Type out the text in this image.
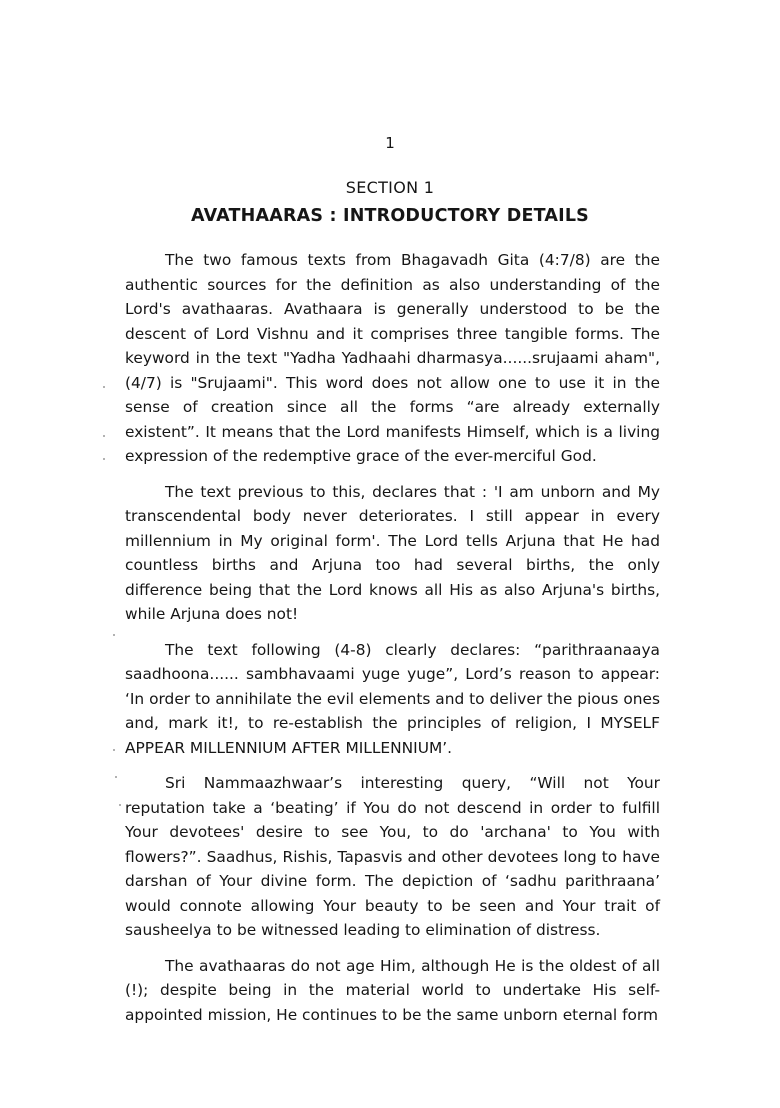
1
SECTION 1
AVATHAARAS : INTRODUCTORY DETAILS

The two famous texts from Bhagavadh Gita (4:7/8) are the authentic sources for the definition as also understanding of the Lord's avathaaras. Avathaara is generally understood to be the descent of Lord Vishnu and it comprises three tangible forms. The keyword in the text "Yadha Yadhaahi dharmasya......srujaami aham", (4/7) is "Srujaami". This word does not allow one to use it in the sense of creation since all the forms “are already externally existent”. It means that the Lord manifests Himself, which is a living expression of the redemptive grace of the ever-merciful God.

The text previous to this, declares that : 'I am unborn and My transcendental body never deteriorates. I still appear in every millennium in My original form'. The Lord tells Arjuna that He had countless births and Arjuna too had several births, the only difference being that the Lord knows all His as also Arjuna's births, while Arjuna does not!

The text following (4-8) clearly declares: “parithraanaaya saadhoona...... sambhavaami yuge yuge”, Lord’s reason to appear: ‘In order to annihilate the evil elements and to deliver the pious ones and, mark it!, to re-establish the principles of religion, I MYSELF APPEAR MILLENNIUM AFTER MILLENNIUM’.

Sri Nammaazhwaar’s interesting query, “Will not Your reputation take a ‘beating’ if You do not descend in order to fulfill Your devotees' desire to see You, to do 'archana' to You with flowers?”. Saadhus, Rishis, Tapasvis and other devotees long to have darshan of Your divine form. The depiction of ‘sadhu parithraana’ would connote allowing Your beauty to be seen and Your trait of sausheelya to be witnessed leading to elimination of distress.

The avathaaras do not age Him, although He is the oldest of all (!); despite being in the material world to undertake His self-appointed mission, He continues to be the same unborn eternal form
